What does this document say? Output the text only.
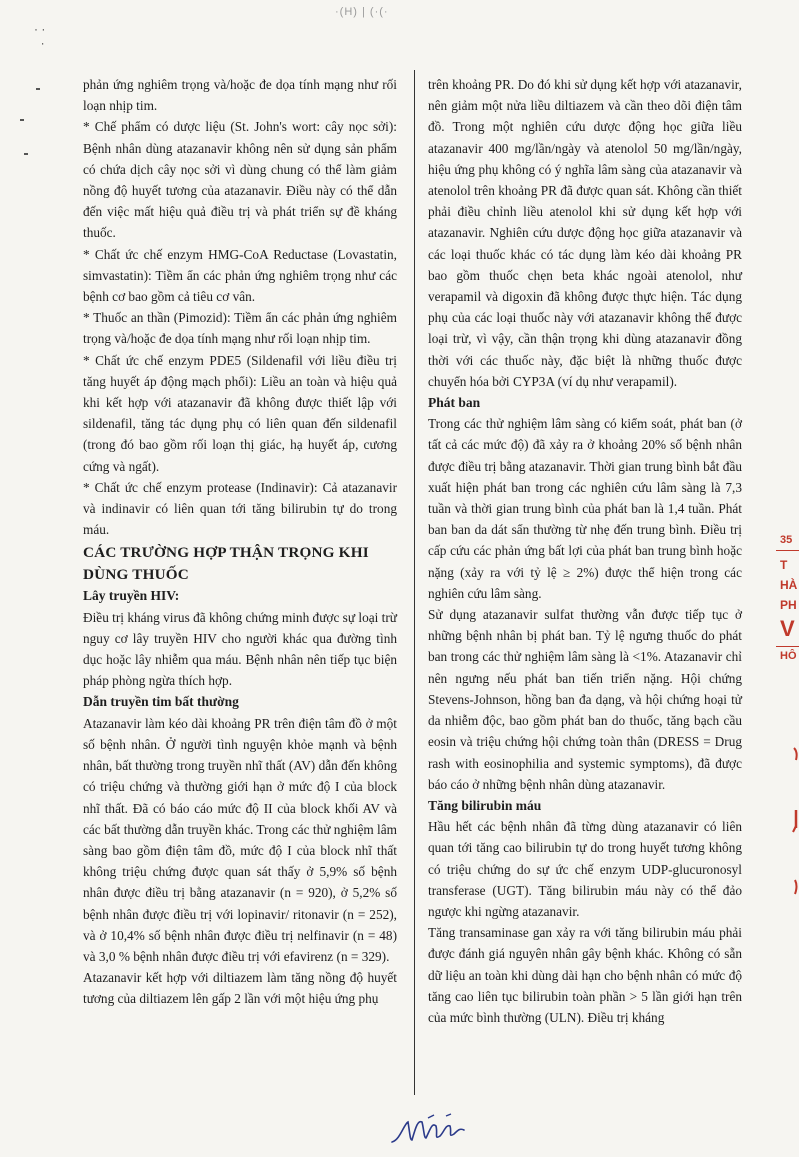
·(H) | (·(·
· ·
·

phản ứng nghiêm trọng và/hoặc đe dọa tính mạng như rối loạn nhịp tim.

* Chế phẩm có dược liệu (St. John's wort: cây nọc sởi): Bệnh nhân dùng atazanavir không nên sử dụng sản phẩm có chứa dịch cây nọc sởi vì dùng chung có thể làm giảm nồng độ huyết tương của atazanavir. Điều này có thể dẫn đến việc mất hiệu quả điều trị và phát triển sự đề kháng thuốc.

* Chất ức chế enzym HMG-CoA Reductase (Lovastatin, simvastatin): Tiềm ẩn các phản ứng nghiêm trọng như các bệnh cơ bao gồm cả tiêu cơ vân.

* Thuốc an thần (Pimozid): Tiềm ẩn các phản ứng nghiêm trọng và/hoặc đe dọa tính mạng như rối loạn nhịp tim.

* Chất ức chế enzym PDE5 (Sildenafil với liều điều trị tăng huyết áp động mạch phổi): Liều an toàn và hiệu quả khi kết hợp với atazanavir đã không được thiết lập với sildenafil, tăng tác dụng phụ có liên quan đến sildenafil (trong đó bao gồm rối loạn thị giác, hạ huyết áp, cương cứng và ngất).

* Chất ức chế enzym protease (Indinavir): Cả atazanavir và indinavir có liên quan tới tăng bilirubin tự do trong máu.

CÁC TRƯỜNG HỢP THẬN TRỌNG KHI DÙNG THUỐC
Lây truyền HIV:

Điều trị kháng virus đã không chứng minh được sự loại trừ nguy cơ lây truyền HIV cho người khác qua đường tình dục hoặc lây nhiễm qua máu. Bệnh nhân nên tiếp tục biện pháp phòng ngừa thích hợp.

Dẫn truyền tim bất thường

Atazanavir làm kéo dài khoảng PR trên điện tâm đồ ở một số bệnh nhân. Ở người tình nguyện khỏe mạnh và bệnh nhân, bất thường trong truyền nhĩ thất (AV) dẫn đến không có triệu chứng và thường giới hạn ở mức độ I của block nhĩ thất. Đã có báo cáo mức độ II của block khối AV và các bất thường dẫn truyền khác. Trong các thử nghiệm lâm sàng bao gồm điện tâm đồ, mức độ I của block nhĩ thất không triệu chứng được quan sát thấy ở 5,9% số bệnh nhân được điều trị bằng atazanavir (n = 920), ở 5,2% số bệnh nhân được điều trị với lopinavir/ ritonavir (n = 252), và ở 10,4% số bệnh nhân được điều trị nelfinavir (n = 48) và 3,0 % bệnh nhân được điều trị với efavirenz (n = 329).

Atazanavir kết hợp với diltiazem làm tăng nồng độ huyết tương của diltiazem lên gấp 2 lần với một hiệu ứng phụ

trên khoảng PR. Do đó khi sử dụng kết hợp với atazanavir, nên giảm một nửa liều diltiazem và cần theo dõi điện tâm đồ. Trong một nghiên cứu dược động học giữa liều atazanavir 400 mg/lần/ngày và atenolol 50 mg/lần/ngày, hiệu ứng phụ không có ý nghĩa lâm sàng của atazanavir và atenolol trên khoảng PR đã được quan sát. Không cần thiết phải điều chỉnh liều atenolol khi sử dụng kết hợp với atazanavir. Nghiên cứu dược động học giữa atazanavir và các loại thuốc khác có tác dụng làm kéo dài khoảng PR bao gồm thuốc chẹn beta khác ngoài atenolol, như verapamil và digoxin đã không được thực hiện. Tác dụng phụ của các loại thuốc này với atazanavir không thể được loại trừ, vì vậy, cần thận trọng khi dùng atazanavir đồng thời với các thuốc này, đặc biệt là những thuốc được chuyển hóa bởi CYP3A (ví dụ như verapamil).

Phát ban

Trong các thử nghiệm lâm sàng có kiểm soát, phát ban (ở tất cả các mức độ) đã xảy ra ở khoảng 20% số bệnh nhân được điều trị bằng atazanavir. Thời gian trung bình bắt đầu xuất hiện phát ban trong các nghiên cứu lâm sàng là 7,3 tuần và thời gian trung bình của phát ban là 1,4 tuần. Phát ban ban da dát sẩn thường từ nhẹ đến trung bình. Điều trị cấp cứu các phản ứng bất lợi của phát ban trung bình hoặc nặng (xảy ra với tỷ lệ ≥ 2%) được thể hiện trong các nghiên cứu lâm sàng.

Sử dụng atazanavir sulfat thường vẫn được tiếp tục ở những bệnh nhân bị phát ban. Tỷ lệ ngưng thuốc do phát ban trong các thử nghiệm lâm sàng là <1%. Atazanavir chỉ nên ngưng nếu phát ban tiến triển nặng. Hội chứng Stevens-Johnson, hồng ban đa dạng, và hội chứng hoại tử da nhiễm độc, bao gồm phát ban do thuốc, tăng bạch cầu eosin và triệu chứng hội chứng toàn thân (DRESS = Drug rash with eosinophilia and systemic symptoms), đã được báo cáo ở những bệnh nhân dùng atazanavir.

Tăng bilirubin máu

Hầu hết các bệnh nhân đã từng dùng atazanavir có liên quan tới tăng cao bilirubin tự do trong huyết tương không có triệu chứng do sự ức chế enzym UDP-glucuronosyl transferase (UGT). Tăng bilirubin máu này có thể đảo ngược khi ngừng atazanavir.

Tăng transaminase gan xảy ra với tăng bilirubin máu phải được đánh giá nguyên nhân gây bệnh khác. Không có sẵn dữ liệu an toàn khi dùng dài hạn cho bệnh nhân có mức độ tăng cao liên tục bilirubin toàn phần > 5 lần giới hạn trên của mức bình thường (ULN). Điều trị kháng

35
T
HÀ
PH
V
HÔ
